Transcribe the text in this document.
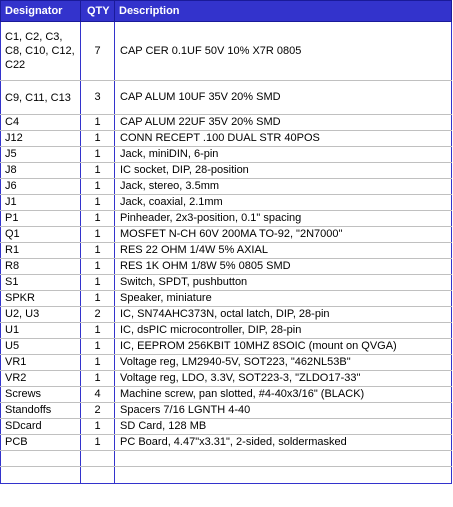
Designator	QTY	Description
C1, C2, C3, C8, C10, C12, C22	7	CAP CER 0.1UF 50V 10% X7R 0805
C9, C11, C13	3	CAP ALUM 10UF 35V 20% SMD
C4	1	CAP ALUM 22UF 35V 20% SMD
J12	1	CONN RECEPT .100 DUAL STR 40POS
J5	1	Jack, miniDIN, 6-pin
J8	1	IC socket, DIP, 28-position
J6	1	Jack, stereo, 3.5mm
J1	1	Jack, coaxial, 2.1mm
P1	1	Pinheader, 2x3-position, 0.1" spacing
Q1	1	MOSFET N-CH 60V 200MA TO-92, "2N7000"
R1	1	RES 22 OHM 1/4W 5% AXIAL
R8	1	RES 1K OHM 1/8W 5% 0805 SMD
S1	1	Switch, SPDT, pushbutton
SPKR	1	Speaker, miniature
U2, U3	2	IC, SN74AHC373N, octal latch, DIP, 28-pin
U1	1	IC, dsPIC microcontroller, DIP, 28-pin
U5	1	IC, EEPROM 256KBIT 10MHZ 8SOIC (mount on QVGA)
VR1	1	Voltage reg, LM2940-5V, SOT223, "462NL53B"
VR2	1	Voltage reg, LDO, 3.3V, SOT223-3, "ZLDO17-33"
Screws	4	Machine screw, pan slotted, #4-40x3/16" (BLACK)
Standoffs	2	Spacers 7/16 LGNTH 4-40
SDcard	1	SD Card, 128 MB
PCB	1	PC Board, 4.47"x3.31", 2-sided, soldermasked
